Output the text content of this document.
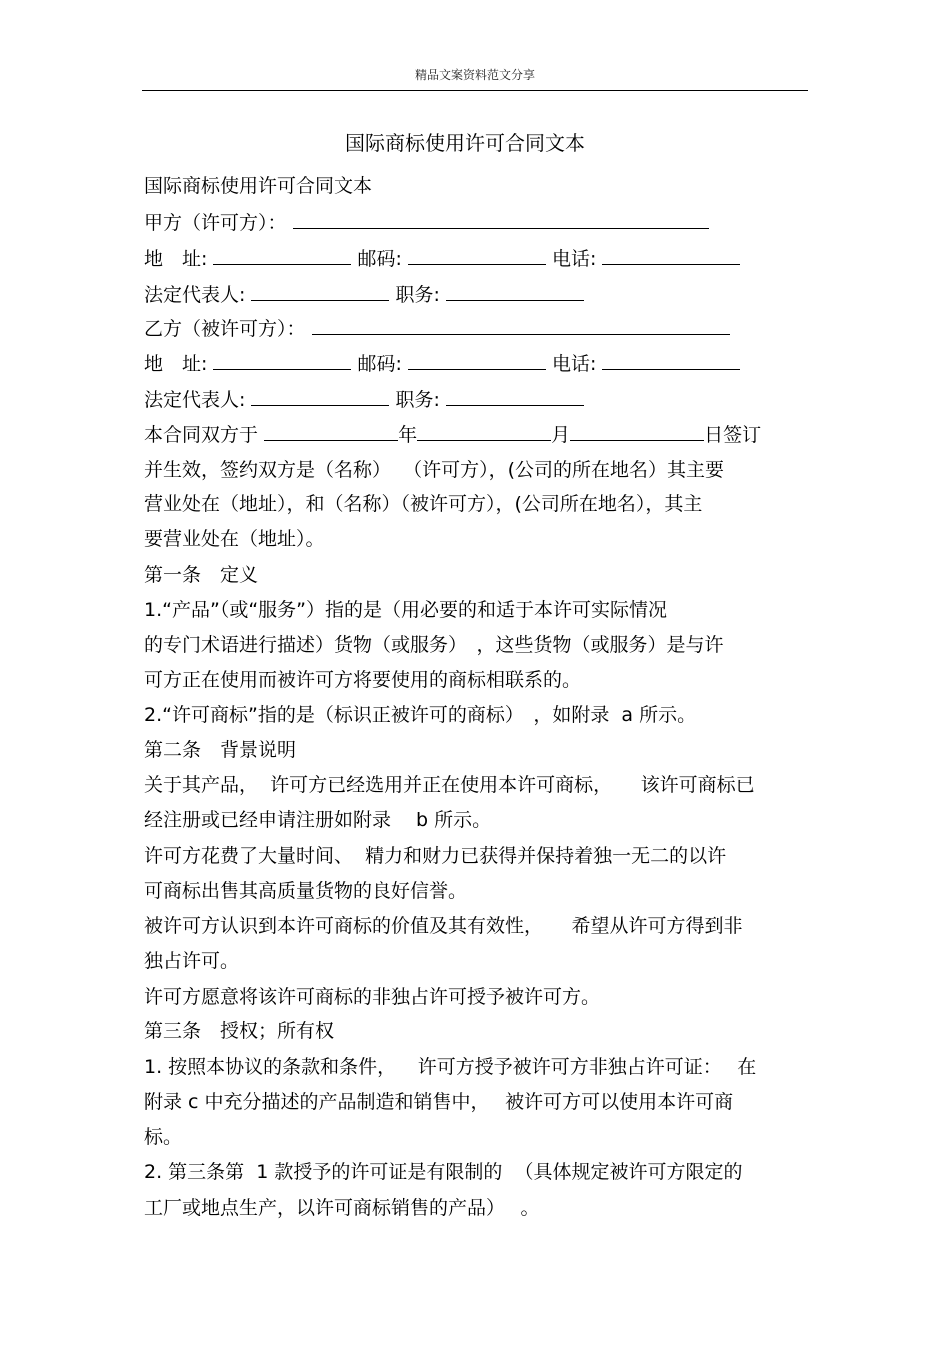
精品文案资料范文分享
国际商标使用许可合同文本
国际商标使用许可合同文本
甲方（许可方）：
地　址:	邮码:	电话:
法定代表人:	职务:
乙方（被许可方）：
地　址:	邮码:	电话:
法定代表人:	职务:
本合同双方于	年	月	日签订
并生效，签约双方是（名称）  （许可方），(公司的所在地名）其主要
营业处在（地址），和（名称）（被许可方），(公司所在地名），其主
要营业处在（地址）。
第一条　定义
1.“产品”（或“服务”）指的是（用必要的和适于本许可实际情况
的专门术语进行描述）货物（或服务）　，这些货物（或服务）是与许
可方正在使用而被许可方将要使用的商标相联系的。
2.“许可商标”指的是（标识正被许可的商标）　，如附录  a 所示。
第二条　背景说明
关于其产品，  许可方已经选用并正在使用本许可商标，　　该许可商标已
经注册或已经申请注册如附录　 b 所示。
许可方花费了大量时间、  精力和财力已获得并保持着独一无二的以许
可商标出售其高质量货物的良好信誉。
被许可方认识到本许可商标的价值及其有效性，　　希望从许可方得到非
独占许可。
许可方愿意将该许可商标的非独占许可授予被许可方。
第三条　授权；所有权
1. 按照本协议的条款和条件，　  许可方授予被许可方非独占许可证：　 在
附录 c 中充分描述的产品制造和销售中，　 被许可方可以使用本许可商
标。
2. 第三条第  1 款授予的许可证是有限制的  （具体规定被许可方限定的
工厂或地点生产，以许可商标销售的产品）　 。
